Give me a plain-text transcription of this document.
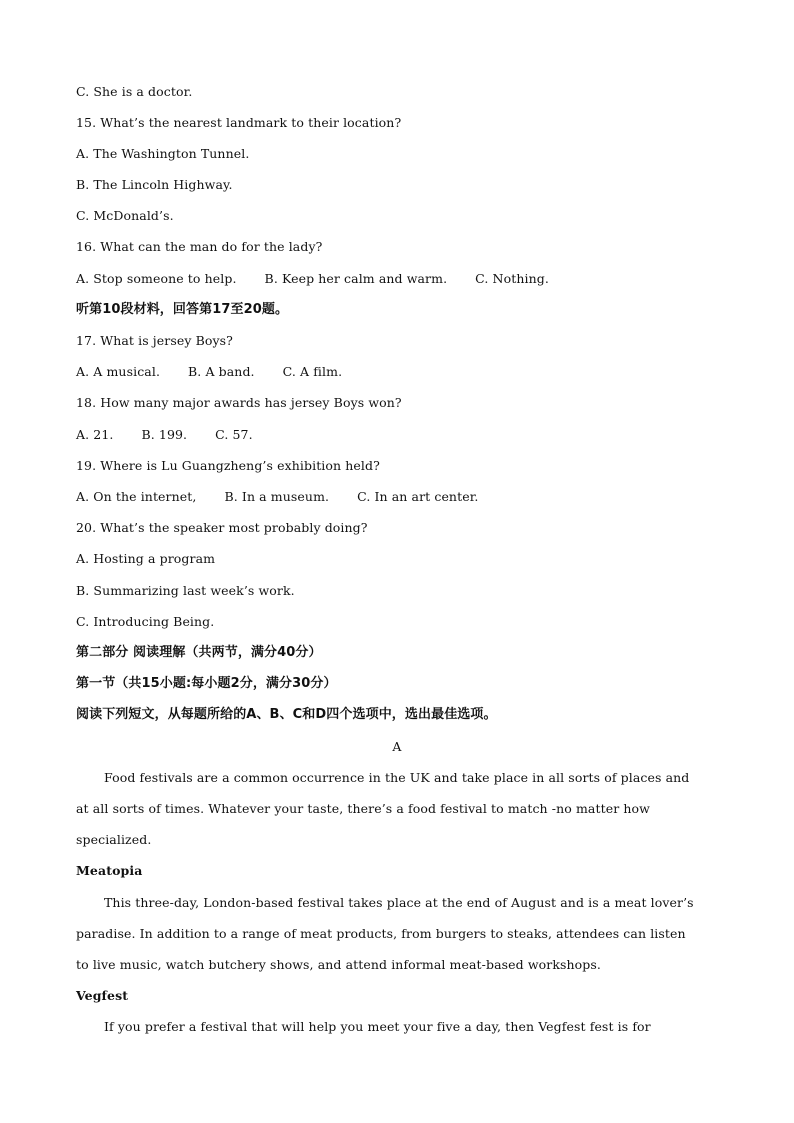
C. She is a doctor.
15. What’s the nearest landmark to their location?
A. The Washington Tunnel.
B. The Lincoln Highway.
C. McDonald’s.
16. What can the man do for the lady?
A. Stop someone to help. B. Keep her calm and warm. C. Nothing.
听第10段材料，回答第17至20题。
17. What is jersey Boys?
A. A musical. B. A band. C. A film.
18. How many major awards has jersey Boys won?
A. 21. B. 199. C. 57.
19. Where is Lu Guangzheng’s exhibition held?
A. On the internet, B. In a museum. C. In an art center.
20. What’s the speaker most probably doing?
A. Hosting a program
B. Summarizing last week’s work.
C. Introducing Being.
第二部分 阅读理解（共两节，满分40分）
第一节（共15小题:每小题2分，满分30分）
阅读下列短文，从每题所给的A、B、C和D四个选项中，选出最佳选项。
A
Food festivals are a common occurrence in the UK and take place in all sorts of places and
at all sorts of times. Whatever your taste, there’s a food festival to match -no matter how
specialized.
Meatopia
This three-day, London-based festival takes place at the end of August and is a meat lover’s
paradise. In addition to a range of meat products, from burgers to steaks, attendees can listen
to live music, watch butchery shows, and attend informal meat-based workshops.
Vegfest
If you prefer a festival that will help you meet your five a day, then Vegfest fest is for
